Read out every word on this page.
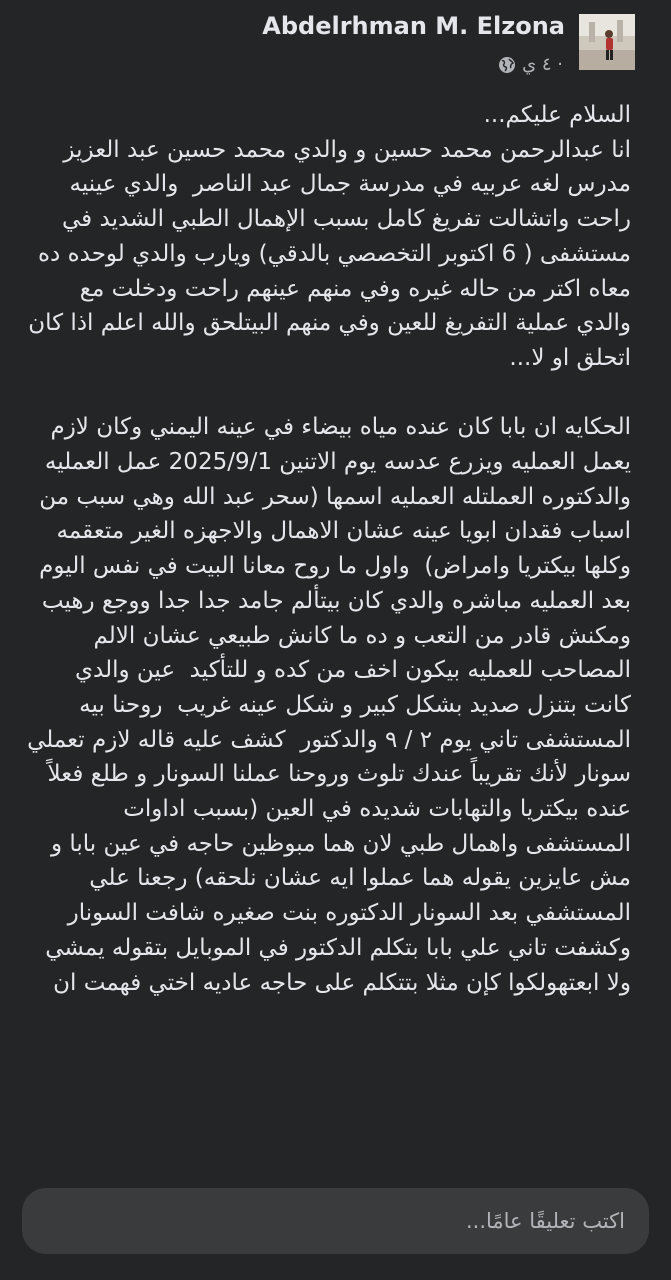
Abdelrhman M. Elzona
٤ ي ·

السلام عليكم...
انا عبدالرحمن محمد حسين و والدي محمد حسين عبد العزيز مدرس لغه عربيه في مدرسة جمال عبد الناصر  والدي عينيه راحت واتشالت تفريغ كامل بسبب الإهمال الطبي الشديد في مستشفى ( 6 اكتوبر التخصصي بالدقي) ويارب والدي لوحده ده معاه اكتر من حاله غيره وفي منهم عينهم راحت ودخلت مع والدي عملية التفريغ للعين وفي منهم البيتلحق والله اعلم اذا كان اتحلق او لا...

الحكايه ان بابا كان عنده مياه بيضاء في عينه اليمني وكان لازم يعمل العمليه ويزرع عدسه يوم الاتنين 2025/9/1 عمل العمليه والدكتوره العملتله العمليه اسمها (سحر عبد الله وهي سبب من اسباب فقدان ابويا عينه عشان الاهمال والاجهزه الغير متعقمه وكلها بيكتريا وامراض)  واول ما روح معانا البيت في نفس اليوم بعد العمليه مباشره والدي كان بيتألم جامد جدا جدا ووجع رهيب ومكنش قادر من التعب و ده ما كانش طبيعي عشان الالم المصاحب للعمليه بيكون اخف من كده و للتأكيد  عين والدي كانت بتنزل صديد بشكل كبير و شكل عينه غريب  روحنا بيه المستشفى تاني يوم ٢ / ٩ والدكتور  كشف عليه قاله لازم تعملي سونار لأنك تقريباً عندك تلوث وروحنا عملنا السونار و طلع فعلاً عنده بيكتريا والتهابات شديده في العين (بسبب اداوات المستشفى واهمال طبي لان هما مبوظين حاجه في عين بابا و مش عايزين يقوله هما عملوا ايه عشان نلحقه) رجعنا علي المستشفي بعد السونار الدكتوره بنت صغيره شافت السونار وكشفت تاني علي بابا بتكلم الدكتور في الموبايل بتقوله يمشي ولا ابعتهولكوا كإن مثلا بتتكلم على حاجه عاديه اختي فهمت ان

اكتب تعليقًا عامًا...
